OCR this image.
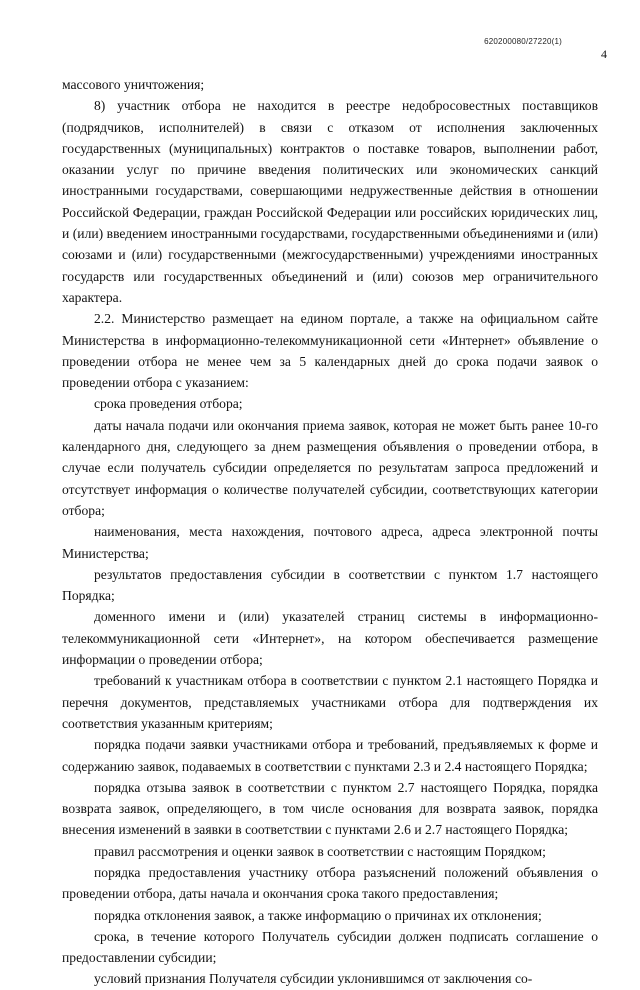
620200080/27220(1)
4

массового уничтожения;

8) участник отбора не находится в реестре недобросовестных поставщиков (подрядчиков, исполнителей) в связи с отказом от исполнения заключенных государственных (муниципальных) контрактов о поставке товаров, выполнении работ, оказании услуг по причине введения политических или экономических санкций иностранными государствами, совершающими недружественные действия в отношении Российской Федерации, граждан Российской Федерации или российских юридических лиц, и (или) введением иностранными государствами, государственными объединениями и (или) союзами и (или) государственными (межгосударственными) учреждениями иностранных государств или государственных объединений и (или) союзов мер ограничительного характера.

2.2. Министерство размещает на едином портале, а также на официальном сайте Министерства в информационно-телекоммуникационной сети «Интернет» объявление о проведении отбора не менее чем за 5 календарных дней до срока подачи заявок о проведении отбора с указанием:

срока проведения отбора;

даты начала подачи или окончания приема заявок, которая не может быть ранее 10-го календарного дня, следующего за днем размещения объявления о проведении отбора, в случае если получатель субсидии определяется по результатам запроса предложений и отсутствует информация о количестве получателей субсидии, соответствующих категории отбора;

наименования, места нахождения, почтового адреса, адреса электронной почты Министерства;

результатов предоставления субсидии в соответствии с пунктом 1.7 настоящего Порядка;

доменного имени и (или) указателей страниц системы в информационно-телекоммуникационной сети «Интернет», на котором обеспечивается размещение информации о проведении отбора;

требований к участникам отбора в соответствии с пунктом 2.1 настоящего Порядка и перечня документов, представляемых участниками отбора для подтверждения их соответствия указанным критериям;

порядка подачи заявки участниками отбора и требований, предъявляемых к форме и содержанию заявок, подаваемых в соответствии с пунктами 2.3 и 2.4 настоящего Порядка;

порядка отзыва заявок в соответствии с пунктом 2.7 настоящего Порядка, порядка возврата заявок, определяющего, в том числе основания для возврата заявок, порядка внесения изменений в заявки в соответствии с пунктами 2.6 и 2.7 настоящего Порядка;

правил рассмотрения и оценки заявок в соответствии с настоящим Порядком;

порядка предоставления участнику отбора разъяснений положений объявления о проведении отбора, даты начала и окончания срока такого предоставления;

порядка отклонения заявок, а также информацию о причинах их отклонения;

срока, в течение которого Получатель субсидии должен подписать соглашение о предоставлении субсидии;

условий признания Получателя субсидии уклонившимся от заключения со-
